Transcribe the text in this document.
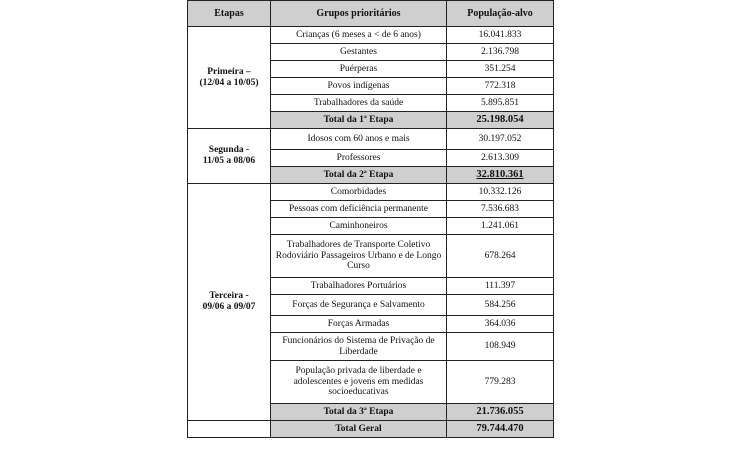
Etapas	Grupos prioritários	População-alvo

Primeira –
(12/04 a 10/05)	Crianças (6 meses a < de 6 anos)	16.041.833
	Gestantes	2.136.798
	Puérperas	351.254
	Povos indígenas	772.318
	Trabalhadores da saúde	5.895.851
	Total da 1ª Etapa	25.198.054

Segunda -
11/05 a 08/06	Idosos com 60 anos e mais	30.197.052
	Professores	2.613.309
	Total da 2ª Etapa	32.810.361

Terceira -
09/06 a 09/07	Comorbidades	10.332.126
	Pessoas com deficiência permanente	7.536.683
	Caminhoneiros	1.241.061
	Trabalhadores de Transporte Coletivo Rodoviário Passageiros Urbano e de Longo Curso	678.264
	Trabalhadores Portuários	111.397
	Forças de Segurança e Salvamento	584.256
	Forças Armadas	364.036
	Funcionários do Sistema de Privação de Liberdade	108.949
	População privada de liberdade e adolescentes e jovens em medidas socioeducativas	779.283
	Total da 3ª Etapa	21.736.055
	Total Geral	79.744.470
